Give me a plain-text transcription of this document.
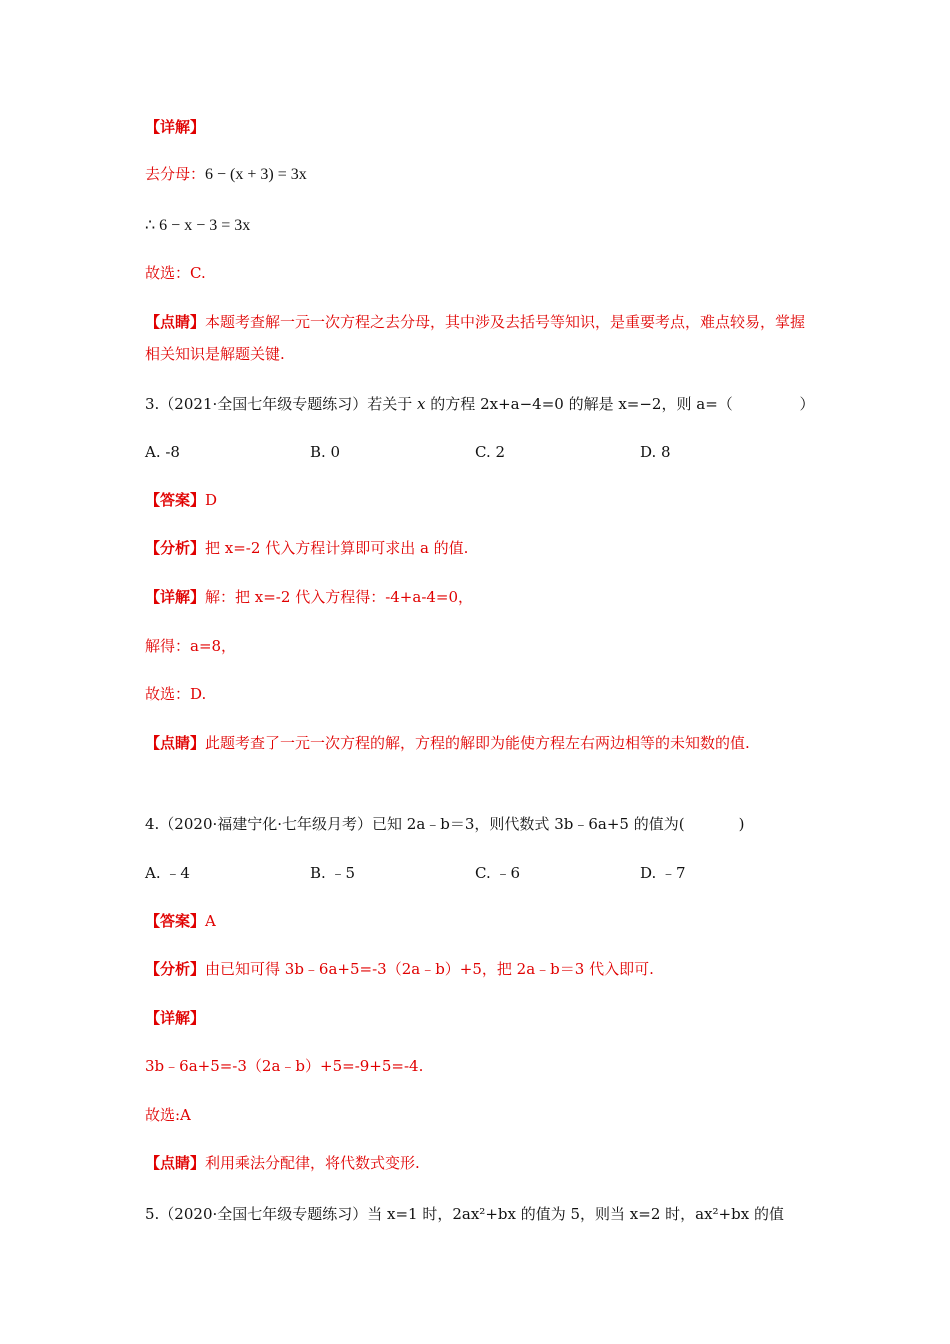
【详解】
去分母：6 − (x + 3) = 3x
∴ 6 − x − 3 = 3x
故选：C.
【点睛】本题考查解一元一次方程之去分母，其中涉及去括号等知识，是重要考点，难点较易，掌握相关知识是解题关键.
3.（2021·全国七年级专题练习）若关于 x 的方程 2x+a−4=0 的解是 x=−2，则 a=（	）
A. -8	B. 0	C. 2	D. 8
【答案】D
【分析】把 x=-2 代入方程计算即可求出 a 的值.
【详解】解：把 x=-2 代入方程得：-4+a-4=0，
解得：a=8，
故选：D.
【点睛】此题考查了一元一次方程的解，方程的解即为能使方程左右两边相等的未知数的值.
4.（2020·福建宁化·七年级月考）已知 2a﹣b＝3，则代数式 3b﹣6a+5 的值为(	)
A. ﹣4	B. ﹣5	C. ﹣6	D. ﹣7
【答案】A
【分析】由已知可得 3b﹣6a+5=-3（2a﹣b）+5，把 2a﹣b＝3 代入即可.
【详解】
3b﹣6a+5=-3（2a﹣b）+5=-9+5=-4.
故选:A
【点睛】利用乘法分配律，将代数式变形.
5.（2020·全国七年级专题练习）当 x=1 时，2ax²+bx 的值为 5，则当 x=2 时，ax²+bx 的值
